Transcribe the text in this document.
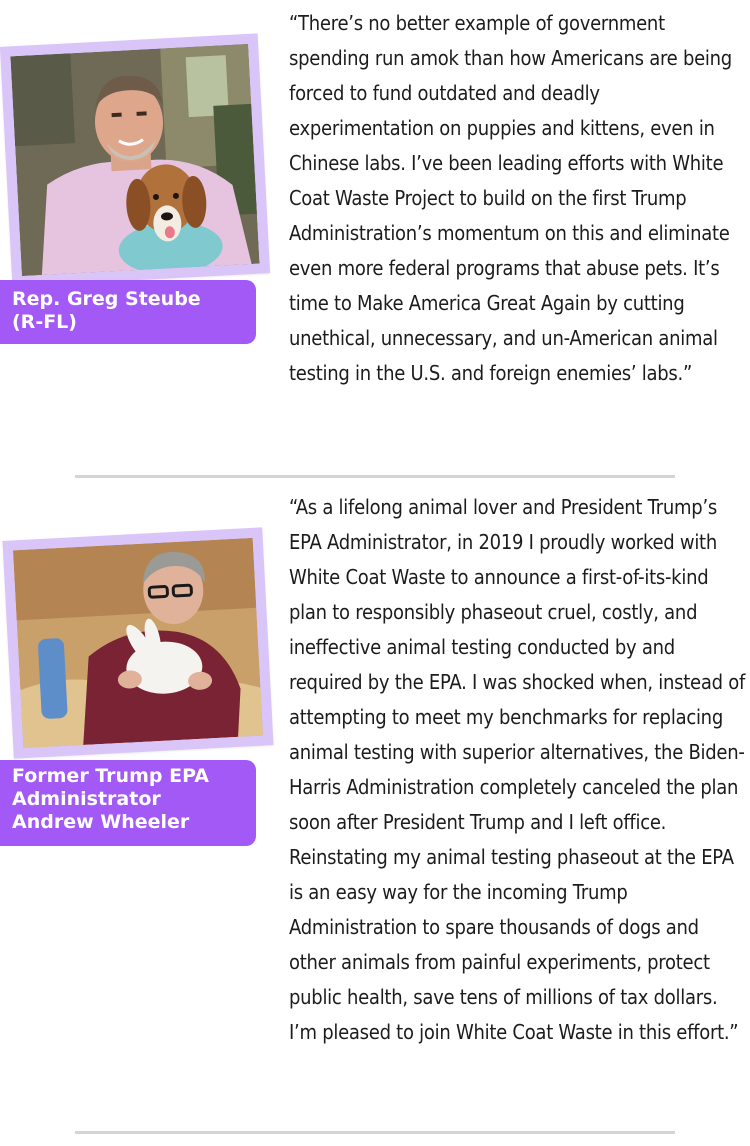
Rep. Greg Steube
(R-FL)

“There’s no better example of government spending run amok than how Americans are being forced to fund outdated and deadly experimentation on puppies and kittens, even in Chinese labs. I’ve been leading efforts with White Coat Waste Project to build on the first Trump Administration’s momentum on this and eliminate even more federal programs that abuse pets. It’s time to Make America Great Again by cutting unethical, unnecessary, and un-American animal testing in the U.S. and foreign enemies’ labs.”

Former Trump EPA
Administrator
Andrew Wheeler

“As a lifelong animal lover and President Trump’s EPA Administrator, in 2019 I proudly worked with White Coat Waste to announce a first-of-its-kind plan to responsibly phaseout cruel, costly, and ineffective animal testing conducted by and required by the EPA. I was shocked when, instead of attempting to meet my benchmarks for replacing animal testing with superior alternatives, the Biden-Harris Administration completely canceled the plan soon after President Trump and I left office. Reinstating my animal testing phaseout at the EPA is an easy way for the incoming Trump Administration to spare thousands of dogs and other animals from painful experiments, protect public health, save tens of millions of tax dollars. I’m pleased to join White Coat Waste in this effort.”
